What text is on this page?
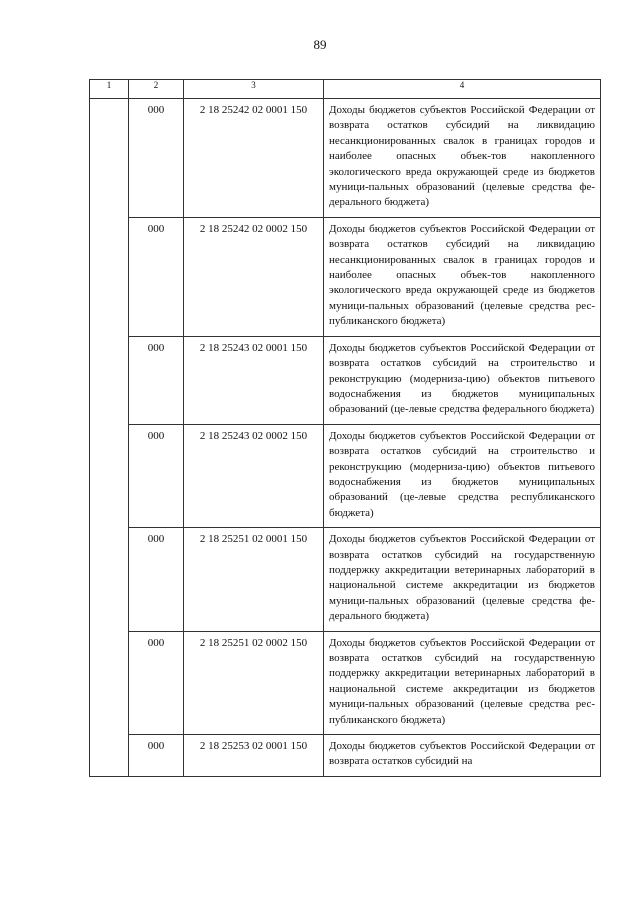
89
1	2	3	4
	000	2 18 25242 02 0001 150	Доходы бюджетов субъектов Российской Федерации от возврата остатков субсидий на ликвидацию несанкционированных свалок в границах городов и наиболее опасных объек-тов накопленного экологического вреда окружающей среде из бюджетов муници-пальных образований (целевые средства фе-дерального бюджета)
	000	2 18 25242 02 0002 150	Доходы бюджетов субъектов Российской Федерации от возврата остатков субсидий на ликвидацию несанкционированных свалок в границах городов и наиболее опасных объек-тов накопленного экологического вреда окружающей среде из бюджетов муници-пальных образований (целевые средства рес-публиканского бюджета)
	000	2 18 25243 02 0001 150	Доходы бюджетов субъектов Российской Федерации от возврата остатков субсидий на строительство и реконструкцию (модерниза-цию) объектов питьевого водоснабжения из бюджетов муниципальных образований (це-левые средства федерального бюджета)
	000	2 18 25243 02 0002 150	Доходы бюджетов субъектов Российской Федерации от возврата остатков субсидий на строительство и реконструкцию (модерниза-цию) объектов питьевого водоснабжения из бюджетов муниципальных образований (це-левые средства республиканского бюджета)
	000	2 18 25251 02 0001 150	Доходы бюджетов субъектов Российской Федерации от возврата остатков субсидий на государственную поддержку аккредитации ветеринарных лабораторий в национальной системе аккредитации из бюджетов муници-пальных образований (целевые средства фе-дерального бюджета)
	000	2 18 25251 02 0002 150	Доходы бюджетов субъектов Российской Федерации от возврата остатков субсидий на государственную поддержку аккредитации ветеринарных лабораторий в национальной системе аккредитации из бюджетов муници-пальных образований (целевые средства рес-публиканского бюджета)
	000	2 18 25253 02 0001 150	Доходы бюджетов субъектов Российской Федерации от возврата остатков субсидий на
